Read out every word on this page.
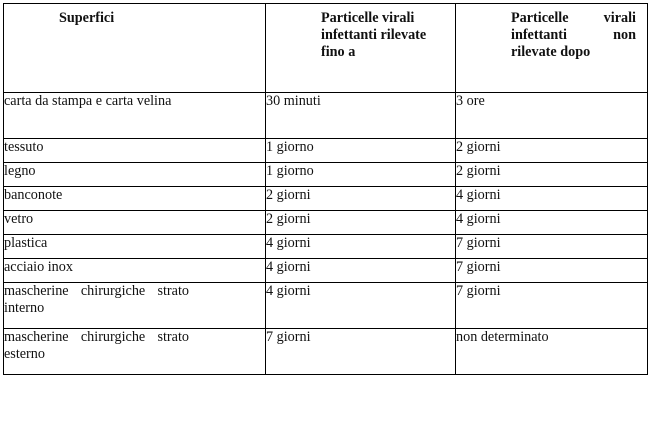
Superfici	Particelle virali infettanti rilevate fino a	Particelle virali infettanti non rilevate dopo

carta da stampa e carta velina	30 minuti	3 ore

tessuto	1 giorno	2 giorni

legno	1 giorno	2 giorni

banconote	2 giorni	4 giorni

vetro	2 giorni	4 giorni

plastica	4 giorni	7 giorni

acciaio inox	4 giorni	7 giorni

mascherine chirurgiche strato interno	4 giorni	7 giorni

mascherine chirurgiche strato esterno	7 giorni	non determinato
